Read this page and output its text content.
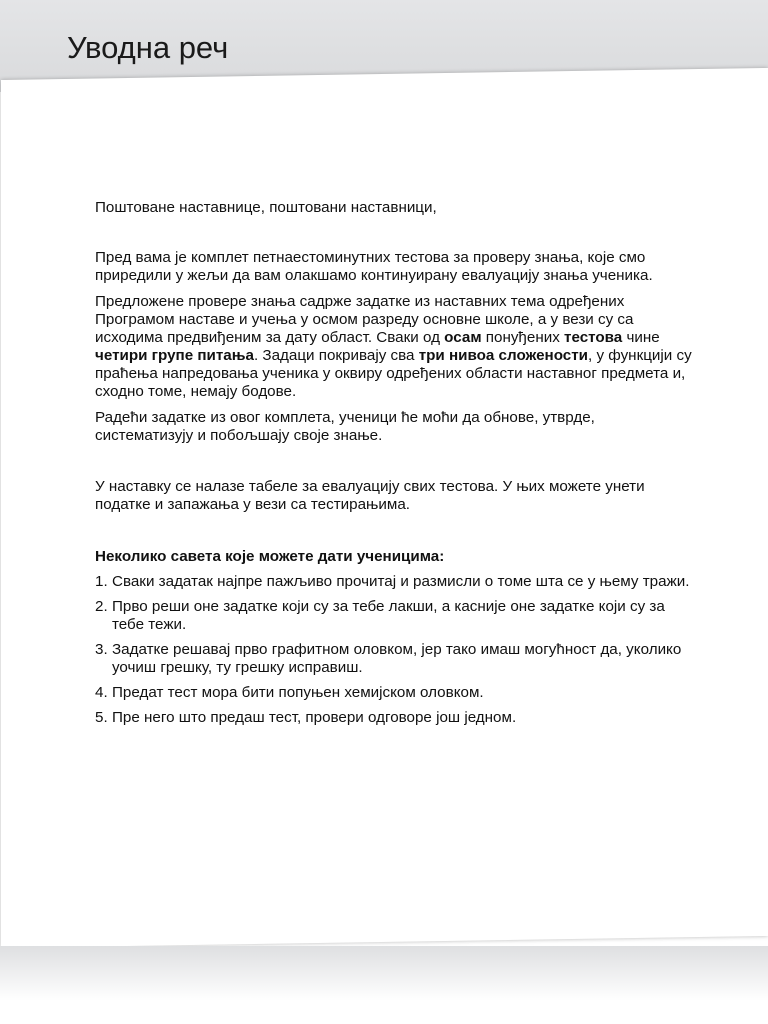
Уводна реч

Поштоване наставнице, поштовани наставници,

Пред вама је комплет петнаестоминутних тестова за проверу знања, које смо приредили у жељи да вам олакшамо континуирану евалуацију знања ученика.

Предложене провере знања садрже задатке из наставних тема одређених Програмом наставе и учења у осмом разреду основне школе, а у вези су са исходима предвиђеним за дату област. Сваки од осам понуђених тестова чине четири групе питања. Задаци покривају сва три нивоа сложености, у функцији су праћења напредовања ученика у оквиру одређених области наставног предмета и, сходно томе, немају бодове.

Радећи задатке из овог комплета, ученици ће моћи да обнове, утврде, систематизују и побољшају своје знање.

У наставку се налазе табеле за евалуацију свих тестова. У њих можете унети податке и запажања у вези са тестирањима.

Неколико савета које можете дати ученицима:

1. Сваки задатак најпре пажљиво прочитај и размисли о томе шта се у њему тражи.
2. Прво реши оне задатке који су за тебе лакши, а касније оне задатке који су за тебе тежи.
3. Задатке решавај прво графитном оловком, јер тако имаш могућност да, уколико уочиш грешку, ту грешку исправиш.
4. Предат тест мора бити попуњен хемијском оловком.
5. Пре него што предаш тест, провери одговоре још једном.
